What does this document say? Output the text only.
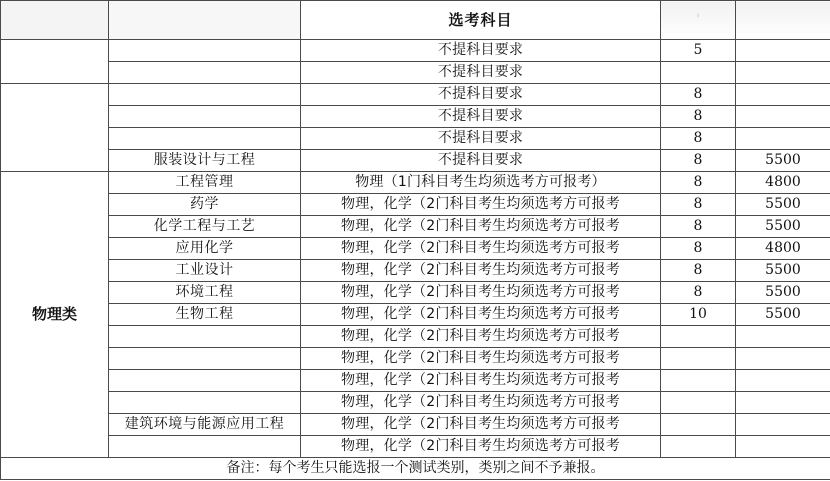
		选考科目	'	
		不提科目要求	5	
		不提科目要求		
		不提科目要求	8	
		不提科目要求	8	
		不提科目要求	8	
	服装设计与工程	不提科目要求	8	5500
物理类	工程管理	物理（1门科目考生均须选考方可报考）	8	4800
	药学	物理，化学（2门科目考生均须选考方可报考	8	5500
	化学工程与工艺	物理，化学（2门科目考生均须选考方可报考	8	5500
	应用化学	物理，化学（2门科目考生均须选考方可报考	8	4800
	工业设计	物理，化学（2门科目考生均须选考方可报考	8	5500
	环境工程	物理，化学（2门科目考生均须选考方可报考	8	5500
	生物工程	物理，化学（2门科目考生均须选考方可报考	10	5500
		物理，化学（2门科目考生均须选考方可报考		
		物理，化学（2门科目考生均须选考方可报考		
		物理，化学（2门科目考生均须选考方可报考		
		物理，化学（2门科目考生均须选考方可报考		
	建筑环境与能源应用工程	物理，化学（2门科目考生均须选考方可报考		
		物理，化学（2门科目考生均须选考方可报考		
备注：每个考生只能选报一个测试类别，类别之间不予兼报。				
